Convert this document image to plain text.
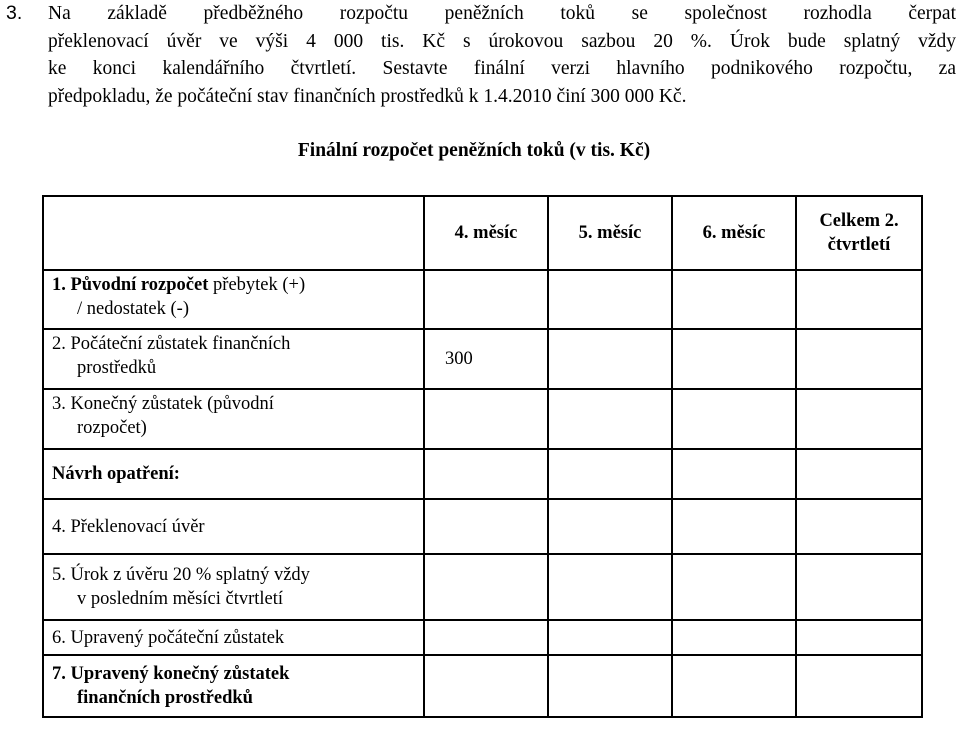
3. Na základě předběžného rozpočtu peněžních toků se společnost rozhodla čerpat
překlenovací úvěr ve výši 4 000 tis. Kč s úrokovou sazbou 20 %. Úrok bude splatný vždy
ke konci kalendářního čtvrtletí. Sestavte finální verzi hlavního podnikového rozpočtu, za
předpokladu, že počáteční stav finančních prostředků k 1.4.2010 činí 300 000 Kč.
Finální rozpočet peněžních toků (v tis. Kč)
	4. měsíc	5. měsíc	6. měsíc	Celkem 2. čtvrtletí

1. Původní rozpočet přebytek (+)
/ nedostatek (-)				

2. Počáteční zůstatek finančních
prostředků	300			

3. Konečný zůstatek (původní
rozpočet)				

Návrh opatření:				
4. Překlenovací úvěr				

5. Úrok z úvěru 20 % splatný vždy
v posledním měsíci čtvrtletí				

6. Upravený počáteční zůstatek				

7. Upravený konečný zůstatek
finančních prostředků				
